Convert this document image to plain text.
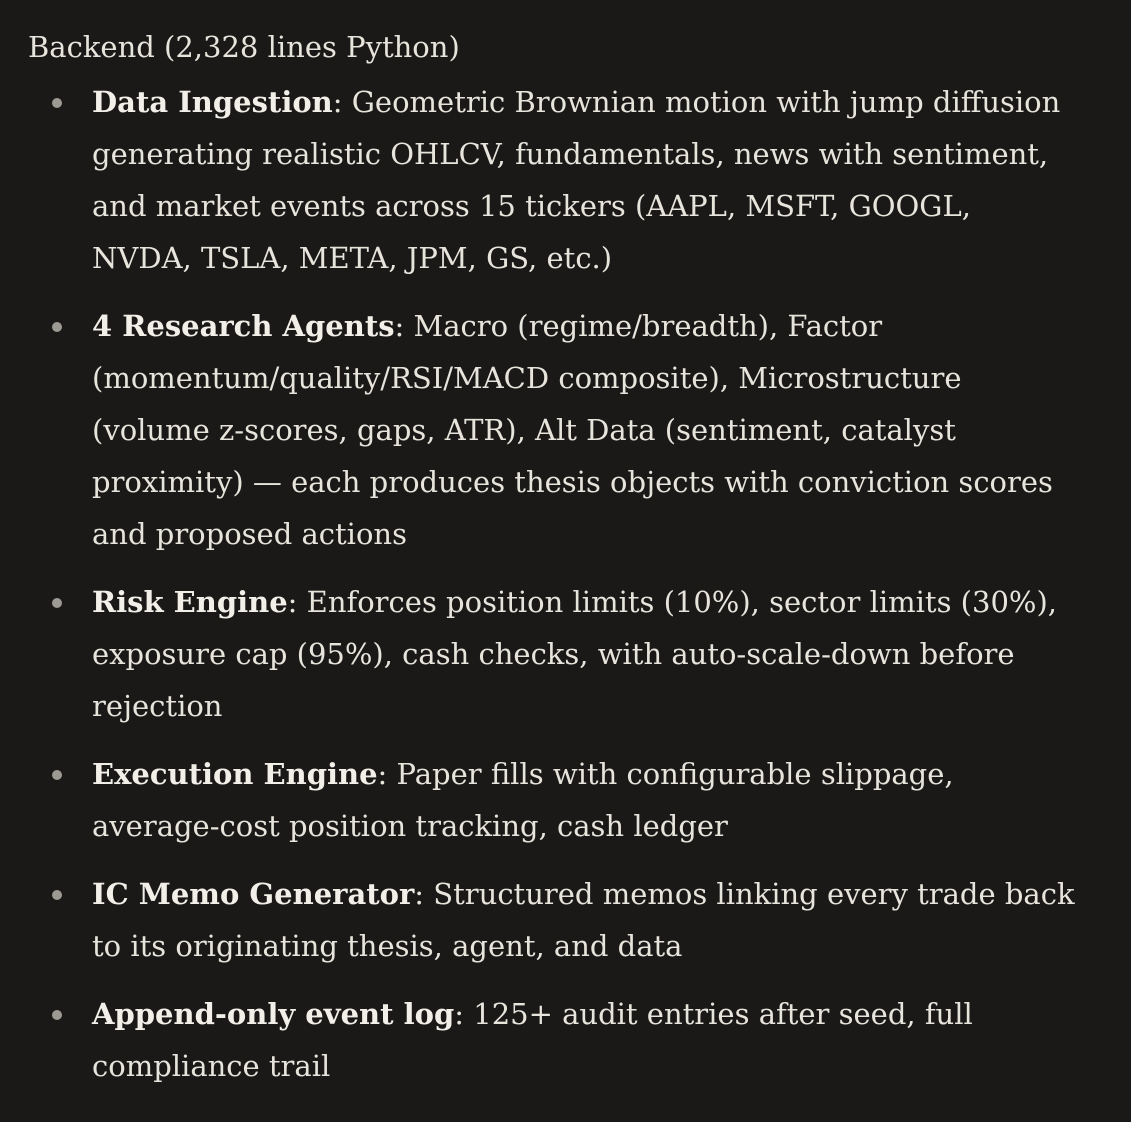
Backend (2,328 lines Python)

Data Ingestion: Geometric Brownian motion with jump diffusion generating realistic OHLCV, fundamentals, news with sentiment, and market events across 15 tickers (AAPL, MSFT, GOOGL, NVDA, TSLA, META, JPM, GS, etc.)
4 Research Agents: Macro (regime/breadth), Factor (momentum/quality/RSI/MACD composite), Microstructure (volume z-scores, gaps, ATR), Alt Data (sentiment, catalyst proximity) — each produces thesis objects with conviction scores and proposed actions
Risk Engine: Enforces position limits (10%), sector limits (30%), exposure cap (95%), cash checks, with auto-scale-down before rejection
Execution Engine: Paper fills with configurable slippage, average-cost position tracking, cash ledger
IC Memo Generator: Structured memos linking every trade back to its originating thesis, agent, and data
Append-only event log: 125+ audit entries after seed, full compliance trail
